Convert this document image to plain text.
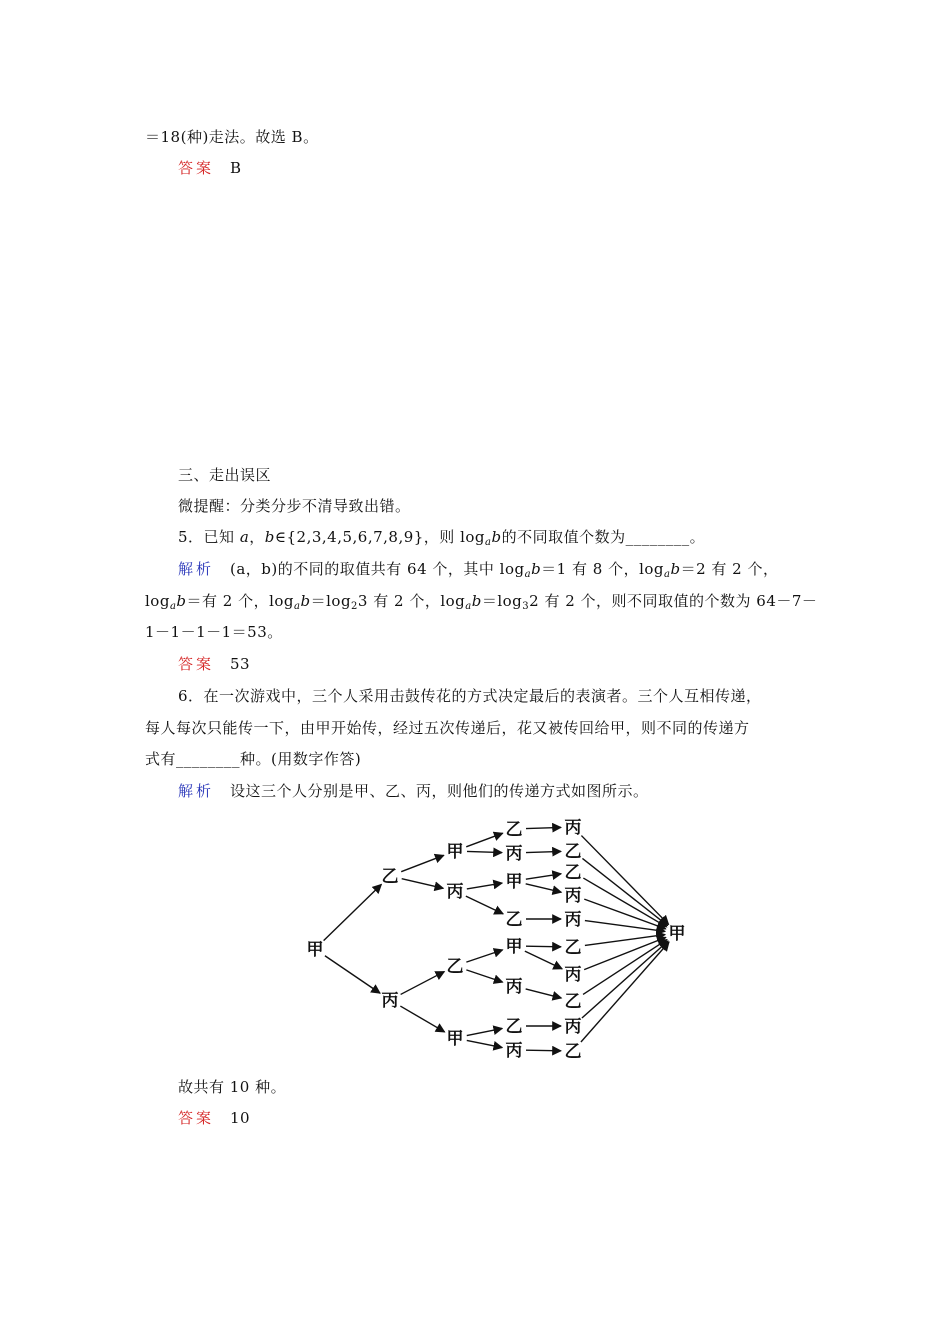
＝18(种)走法。故选 B。
答案 B
三、走出误区
微提醒：分类分步不清导致出错。
5．已知 a，b∈{2,3,4,5,6,7,8,9}，则 $\log_ab$的不同取值个数为________。
解析 (a，b)的不同的取值共有 64 个，其中 $\log_ab=1$ 有 8 个，$\log_ab=2$ 有 2 个，
$\log_ab=$有 2 个，$\log_ab=\log_23$ 有 2 个，$\log_ab=\log_32$ 有 2 个，则不同取值的个数为 64－7－
1－1－1－1＝53。
答案 53
6．在一次游戏中，三个人采用击鼓传花的方式决定最后的表演者。三个人互相传递，
每人每次只能传一下，由甲开始传，经过五次传递后，花又被传回给甲，则不同的传递方
式有________种。(用数字作答)
解析 设这三个人分别是甲、乙、丙，则他们的传递方式如图所示。
甲
乙
丙
甲
丙
乙
甲
乙
丙
甲
乙
甲
丙
乙
丙
丙
乙
乙
丙
丙
乙
丙
乙
丙
乙
甲
故共有 10 种。
答案 10
